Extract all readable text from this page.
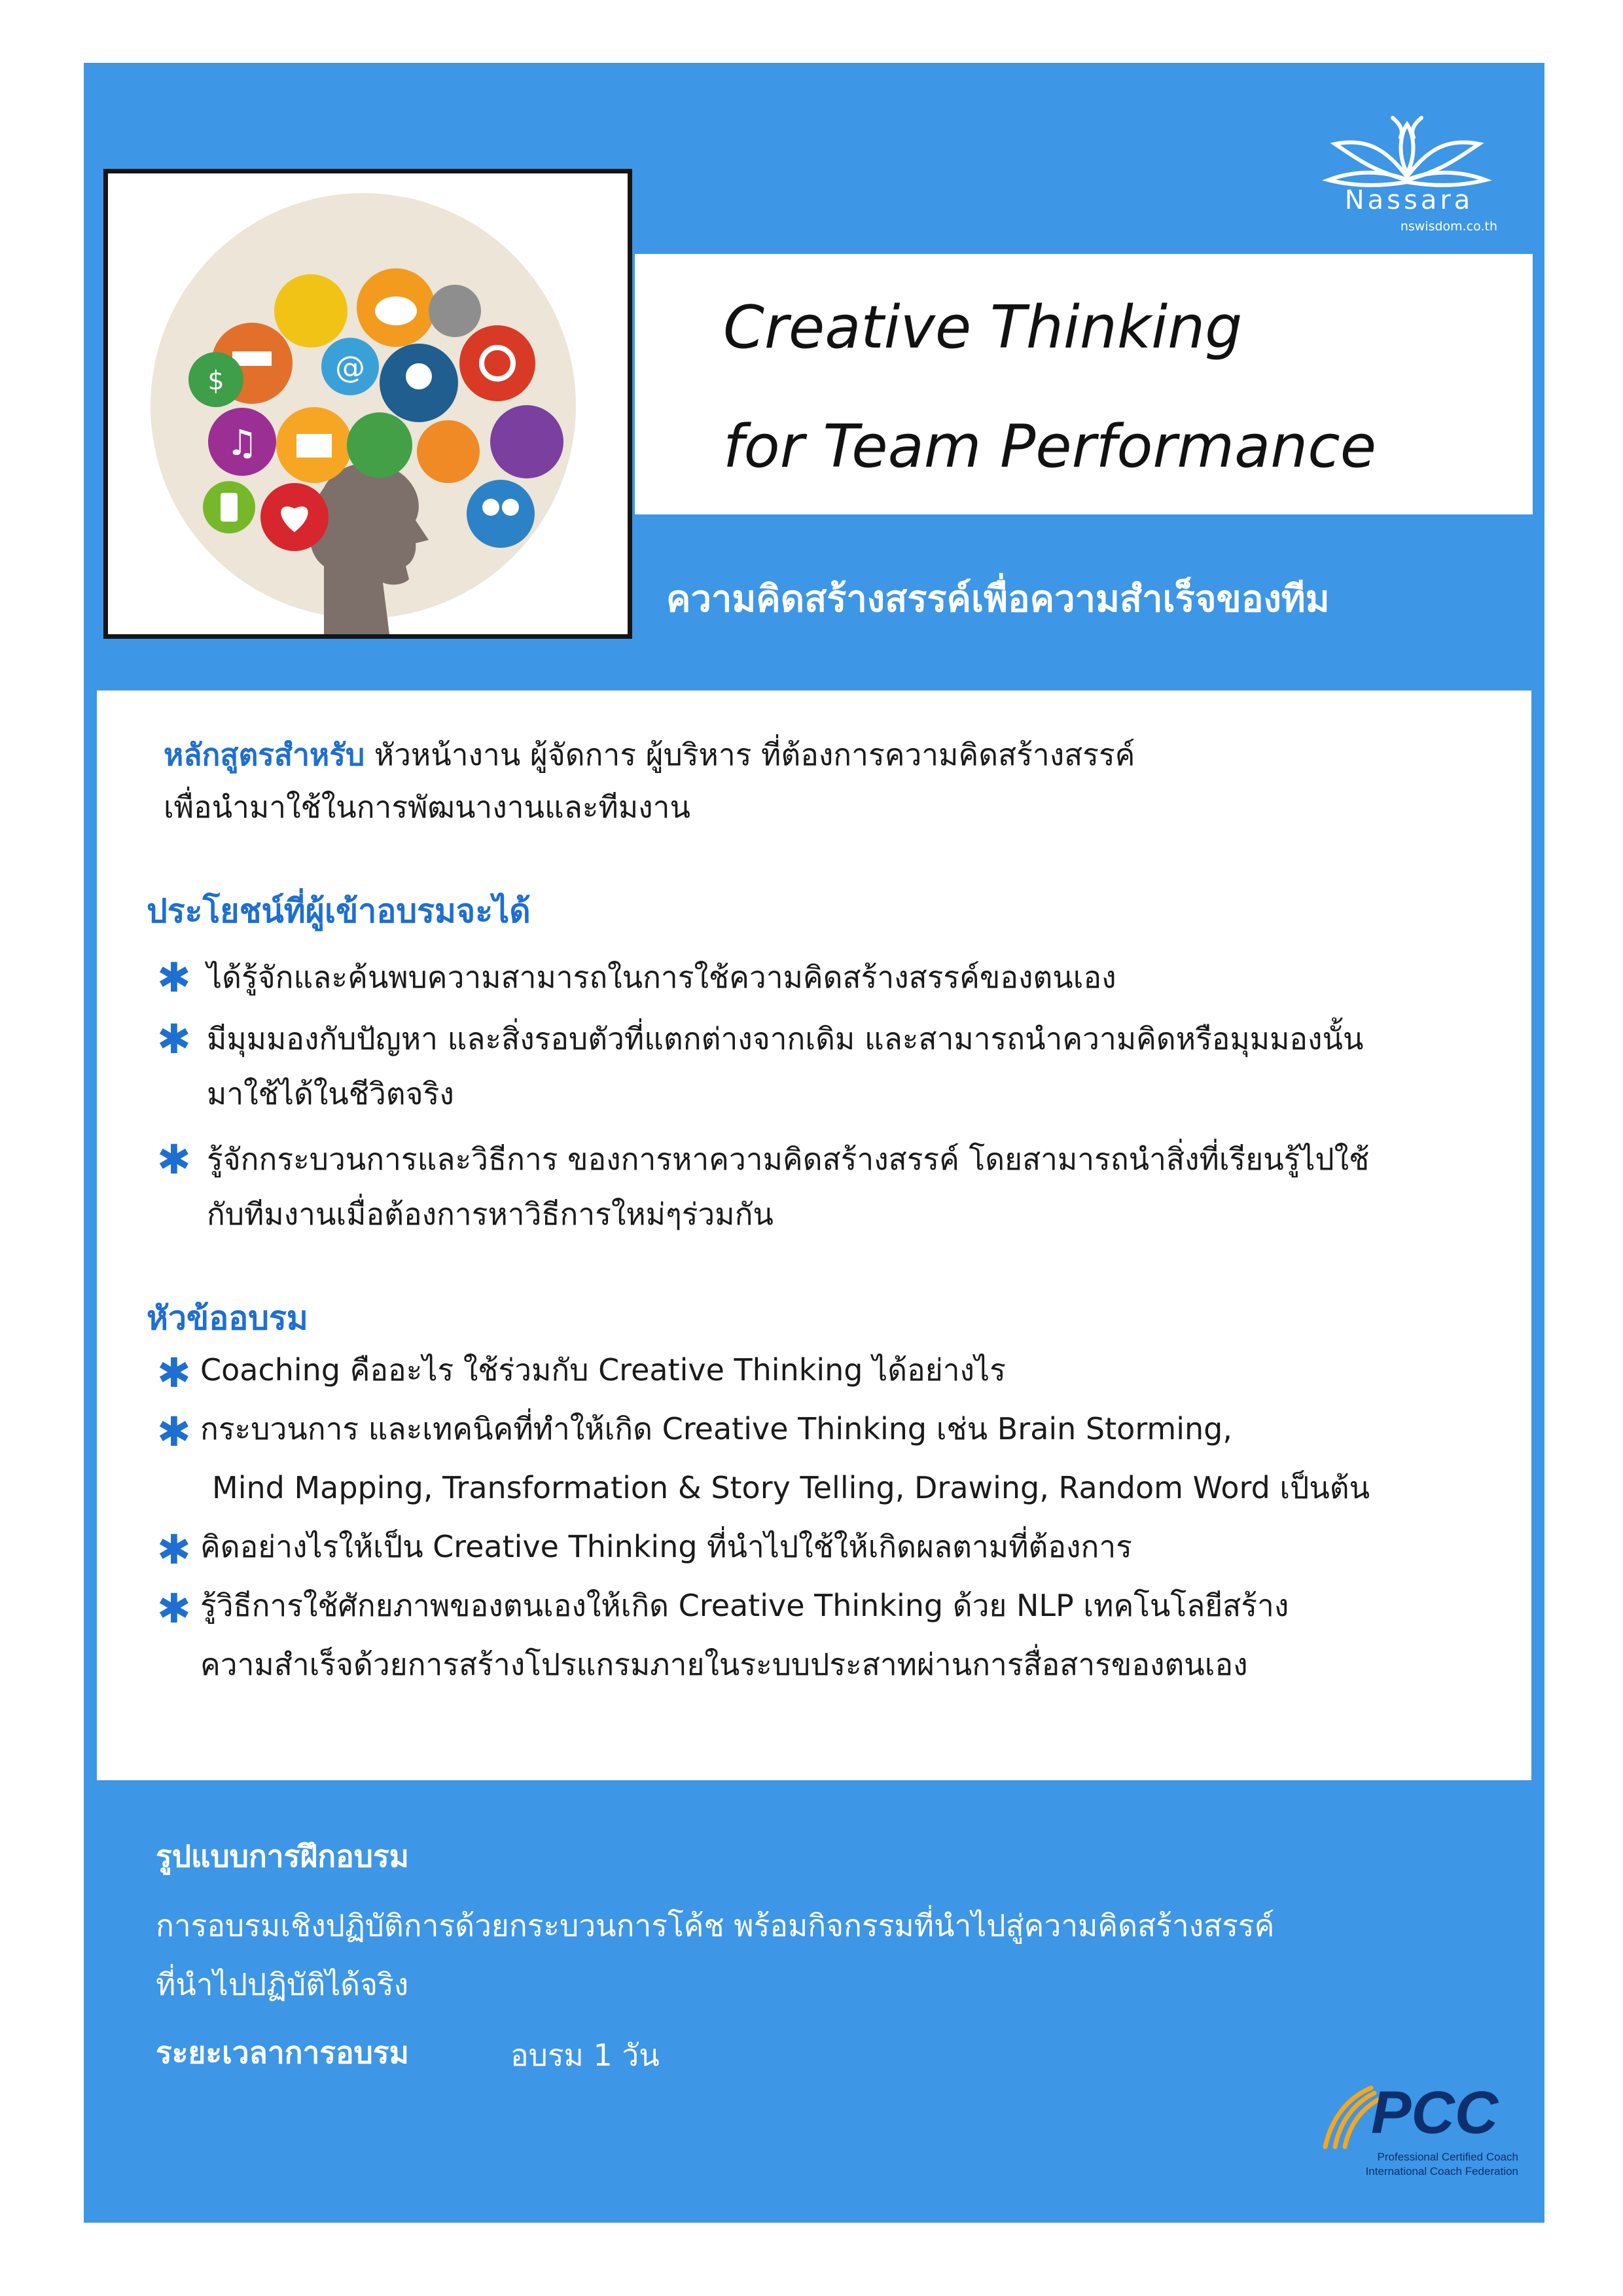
Nassara
nswisdom.co.th
Creative Thinking
for Team Performance
$	@
♫
ความคิดสร้างสรรค์เพื่อความสำเร็จของทีม
หลักสูตรสำหรับ หัวหน้างาน ผู้จัดการ ผู้บริหาร ที่ต้องการความคิดสร้างสรรค์
เพื่อนำมาใช้ในการพัฒนางานและทีมงาน
ประโยชน์ที่ผู้เข้าอบรมจะได้
✱ ได้รู้จักและค้นพบความสามารถในการใช้ความคิดสร้างสรรค์ของตนเอง
✱ มีมุมมองกับปัญหา และสิ่งรอบตัวที่แตกต่างจากเดิม และสามารถนำความคิดหรือมุมมองนั้น
มาใช้ได้ในชีวิตจริง
✱ รู้จักกระบวนการและวิธีการ ของการหาความคิดสร้างสรรค์ โดยสามารถนำสิ่งที่เรียนรู้ไปใช้
กับทีมงานเมื่อต้องการหาวิธีการใหม่ๆร่วมกัน
หัวข้ออบรม
✱ Coaching คืออะไร ใช้ร่วมกับ Creative Thinking ได้อย่างไร
✱ กระบวนการ และเทคนิคที่ทำให้เกิด Creative Thinking เช่น Brain Storming,
Mind Mapping, Transformation & Story Telling, Drawing, Random Word เป็นต้น
✱ คิดอย่างไรให้เป็น Creative Thinking ที่นำไปใช้ให้เกิดผลตามที่ต้องการ
✱ รู้วิธีการใช้ศักยภาพของตนเองให้เกิด Creative Thinking ด้วย NLP เทคโนโลยีสร้าง
ความสำเร็จด้วยการสร้างโปรแกรมภายในระบบประสาทผ่านการสื่อสารของตนเอง
รูปแบบการฝึกอบรม
การอบรมเชิงปฏิบัติการด้วยกระบวนการโค้ช พร้อมกิจกรรมที่นำไปสู่ความคิดสร้างสรรค์
ที่นำไปปฏิบัติได้จริง
ระยะเวลาการอบรม	อบรม 1 วัน
PCC
Professional Certified Coach
International Coach Federation
